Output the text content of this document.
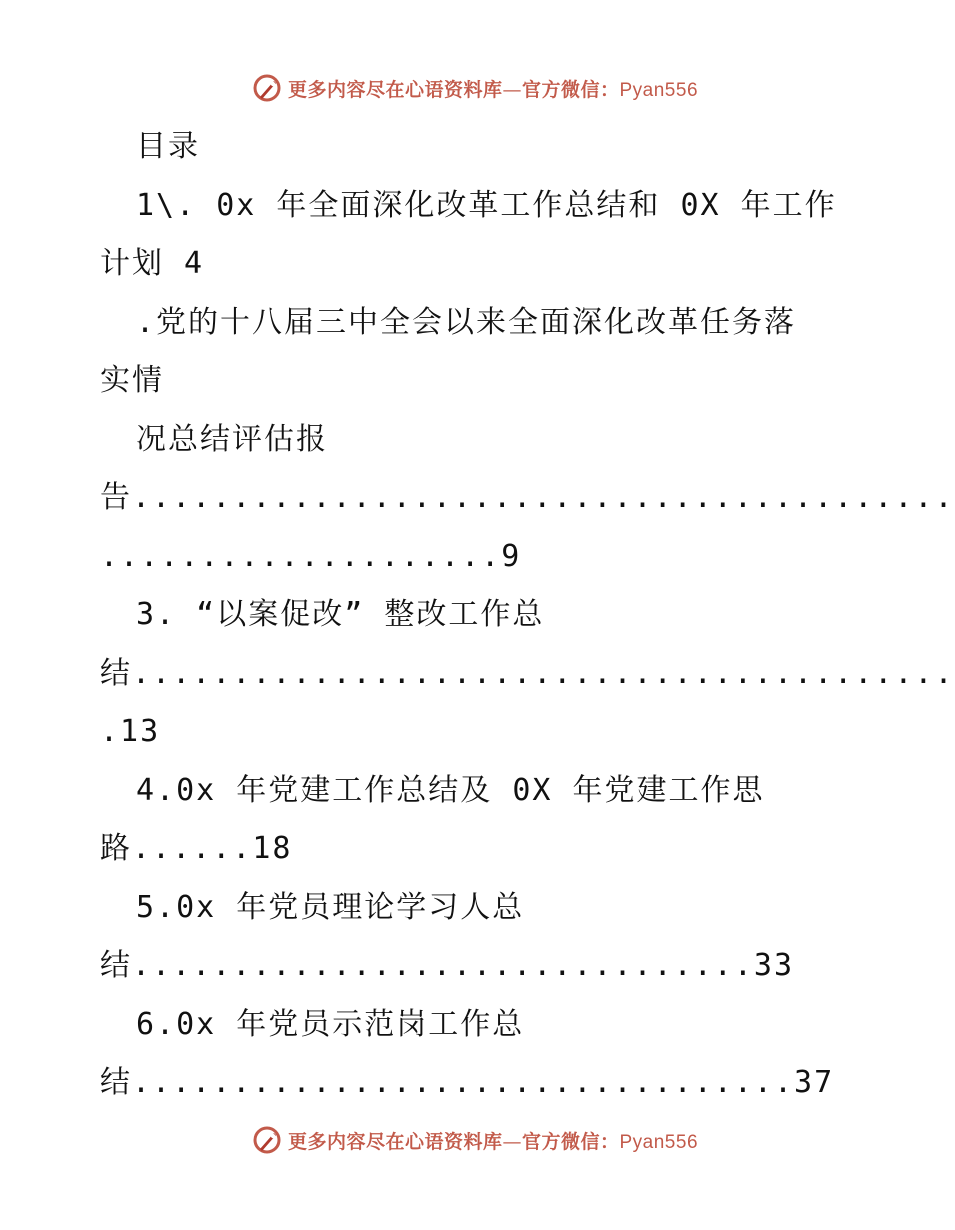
更多内容尽在心语资料库—官方微信：Pyan556
目录
1\. 0x 年全面深化改革工作总结和 0X 年工作
计划 4
.党的十八届三中全会以来全面深化改革任务落
实情
况总结评估报
告.........................................
....................9
3. “以案促改” 整改工作总
结.........................................
.13
4.0x 年党建工作总结及 0X 年党建工作思
路......18
5.0x 年党员理论学习人总
结...............................33
6.0x 年党员示范岗工作总
结.................................37
更多内容尽在心语资料库—官方微信：Pyan556
